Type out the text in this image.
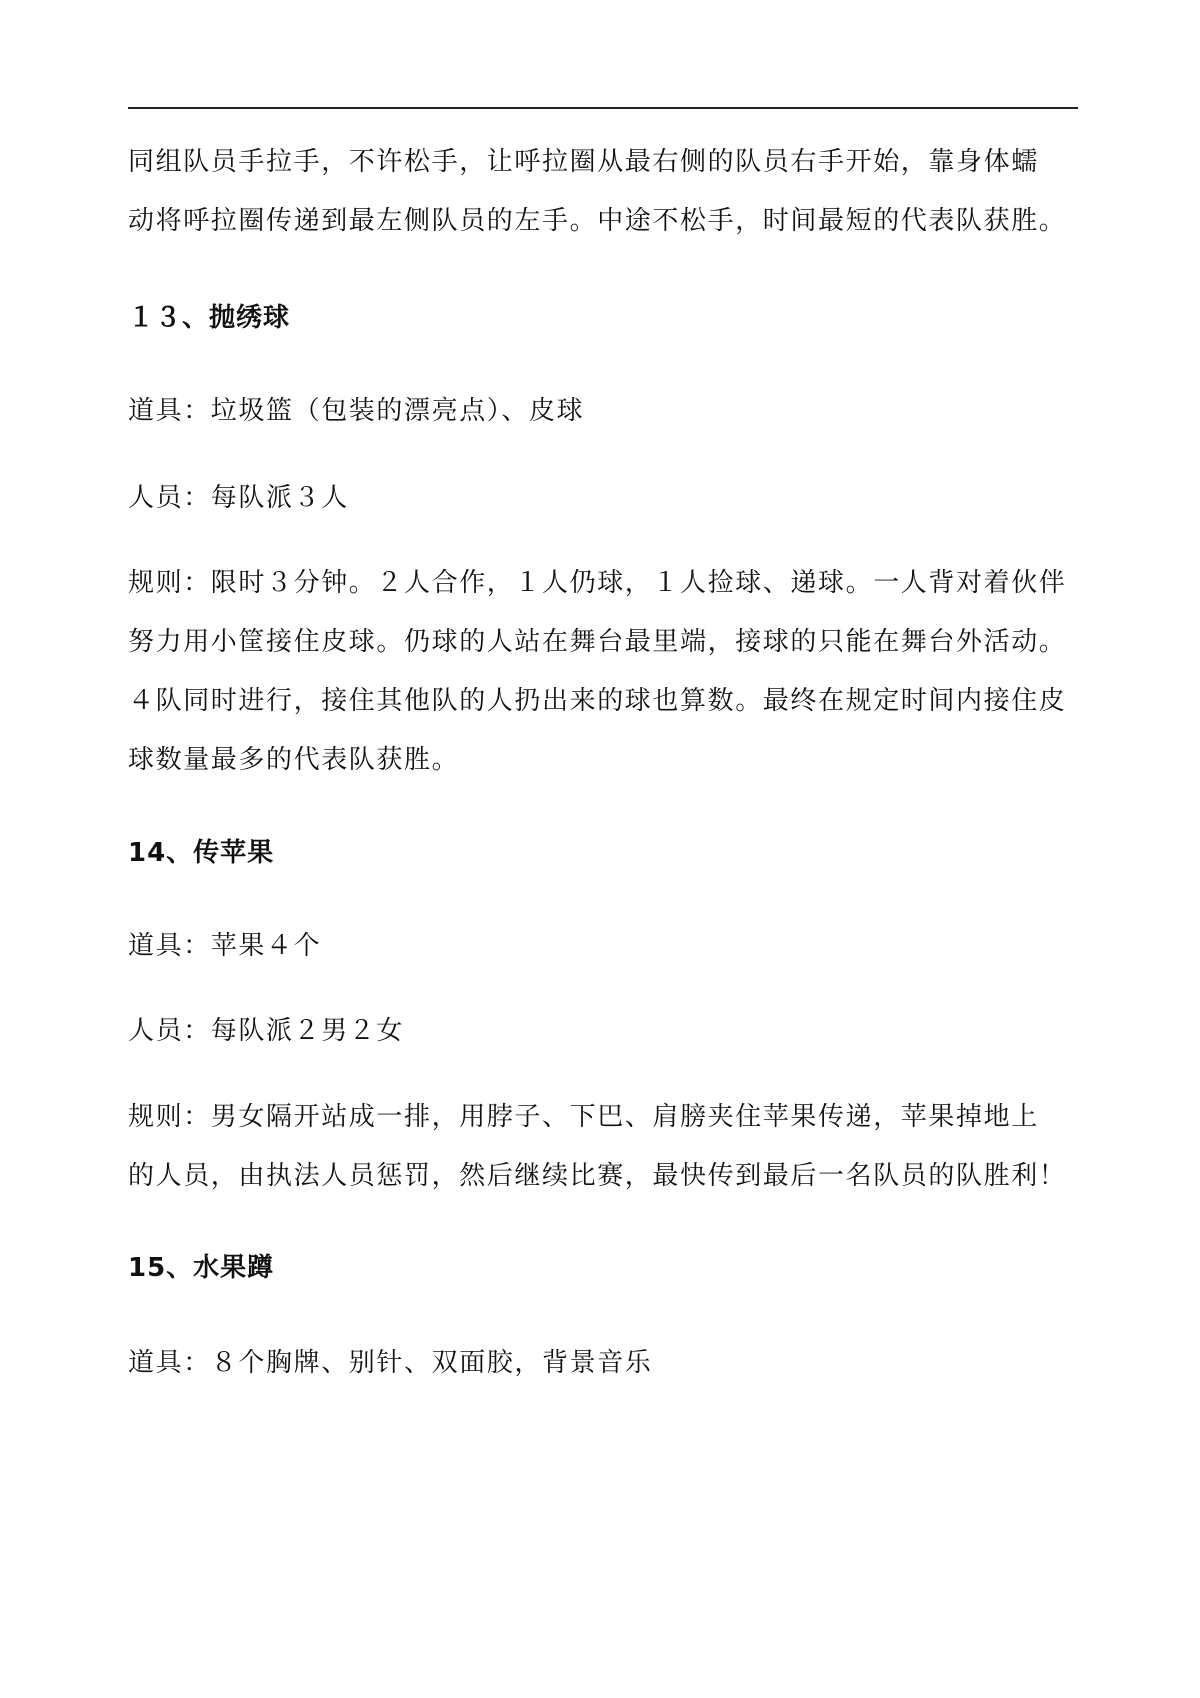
同组队员手拉手，不许松手，让呼拉圈从最右侧的队员右手开始，靠身体蠕
动将呼拉圈传递到最左侧队员的左手。中途不松手，时间最短的代表队获胜。
１３、抛绣球
道具：垃圾篮（包装的漂亮点）、皮球
人员：每队派３人
规则：限时３分钟。２人合作，１人仍球，１人捡球、递球。一人背对着伙伴
努力用小筐接住皮球。仍球的人站在舞台最里端，接球的只能在舞台外活动。
４队同时进行，接住其他队的人扔出来的球也算数。最终在规定时间内接住皮
球数量最多的代表队获胜。
14、传苹果
道具：苹果４个
人员：每队派２男２女
规则：男女隔开站成一排，用脖子、下巴、肩膀夹住苹果传递，苹果掉地上
的人员，由执法人员惩罚，然后继续比赛，最快传到最后一名队员的队胜利！
15、水果蹲
道具：８个胸牌、别针、双面胶，背景音乐
